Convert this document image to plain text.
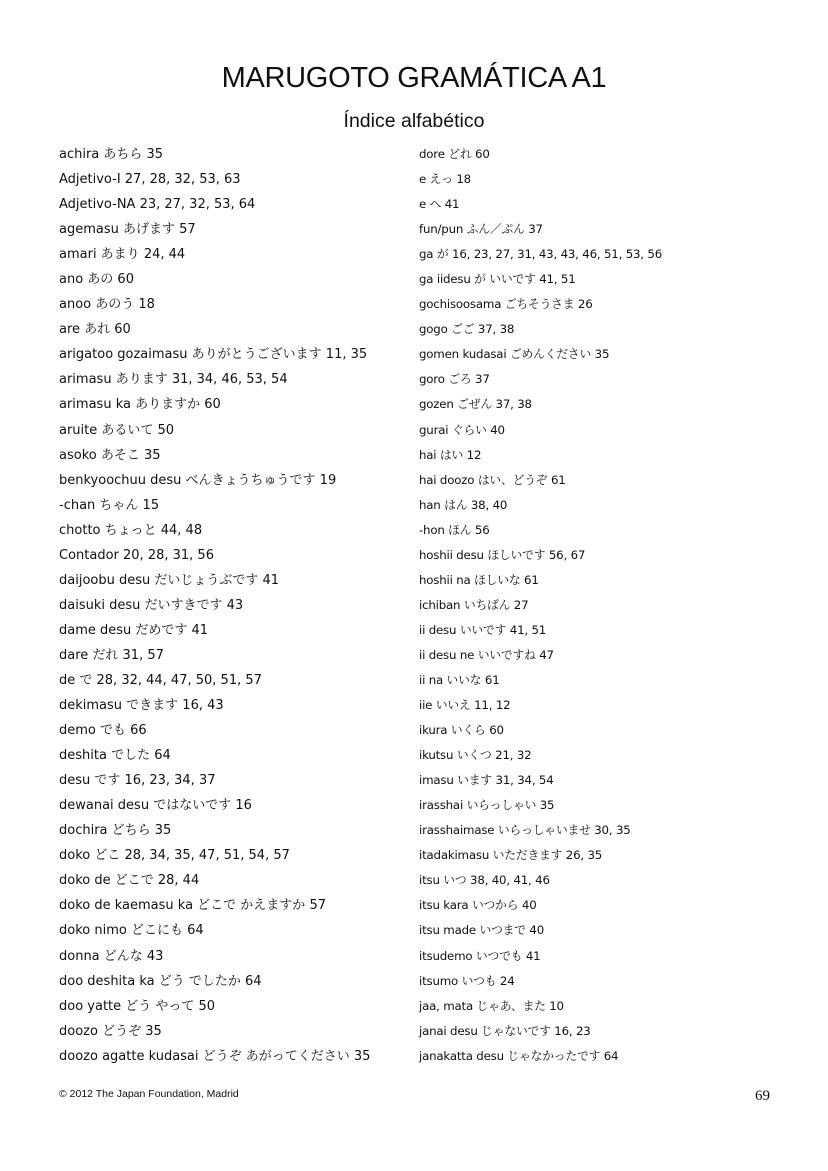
MARUGOTO GRAMÁTICA A1
Índice alfabético
achira あちら 35
Adjetivo-I 27, 28, 32, 53, 63
Adjetivo-NA 23, 27, 32, 53, 64
agemasu あげます 57
amari あまり 24, 44
ano あの 60
anoo あのう 18
are あれ 60
arigatoo gozaimasu ありがとうございます 11, 35
arimasu あります 31, 34, 46, 53, 54
arimasu ka ありますか 60
aruite あるいて 50
asoko あそこ 35
benkyoochuu desu べんきょうちゅうです 19
-chan ちゃん 15
chotto ちょっと 44, 48
Contador 20, 28, 31, 56
daijoobu desu だいじょうぶです 41
daisuki desu だいすきです 43
dame desu だめです 41
dare だれ 31, 57
de で 28, 32, 44, 47, 50, 51, 57
dekimasu できます 16, 43
demo でも 66
deshita でした 64
desu です 16, 23, 34, 37
dewanai desu ではないです 16
dochira どちら 35
doko どこ 28, 34, 35, 47, 51, 54, 57
doko de どこで 28, 44
doko de kaemasu ka どこで かえますか 57
doko nimo どこにも 64
donna どんな 43
doo deshita ka どう でしたか 64
doo yatte どう やって 50
doozo どうぞ 35
doozo agatte kudasai どうぞ あがってください 35
dore どれ 60
e えっ 18
e へ 41
fun/pun ふん／ぷん 37
ga が 16, 23, 27, 31, 43, 43, 46, 51, 53, 56
ga iidesu が いいです 41, 51
gochisoosama ごちそうさま 26
gogo ごご 37, 38
gomen kudasai ごめんください 35
goro ごろ 37
gozen ごぜん 37, 38
gurai ぐらい 40
hai はい 12
hai doozo はい、どうぞ 61
han はん 38, 40
-hon ほん 56
hoshii desu ほしいです 56, 67
hoshii na ほしいな 61
ichiban いちばん 27
ii desu いいです 41, 51
ii desu ne いいですね 47
ii na いいな 61
iie いいえ 11, 12
ikura いくら 60
ikutsu いくつ 21, 32
imasu います 31, 34, 54
irasshai いらっしゃい 35
irasshaimase いらっしゃいませ 30, 35
itadakimasu いただきます 26, 35
itsu いつ 38, 40, 41, 46
itsu kara いつから 40
itsu made いつまで 40
itsudemo いつでも 41
itsumo いつも 24
jaa, mata じゃあ、また 10
janai desu じゃないです 16, 23
janakatta desu じゃなかったです 64
© 2012 The Japan Foundation, Madrid	69
